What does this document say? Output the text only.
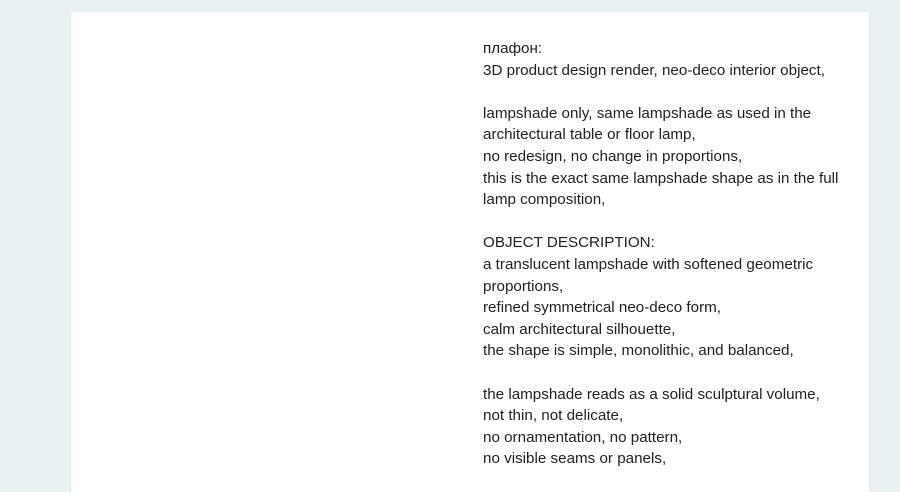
плафон:
3D product design render, neo-deco interior object,
lampshade only, same lampshade as used in the
architectural table or floor lamp,
no redesign, no change in proportions,
this is the exact same lampshade shape as in the full
lamp composition,
OBJECT DESCRIPTION:
a translucent lampshade with softened geometric
proportions,
refined symmetrical neo-deco form,
calm architectural silhouette,
the shape is simple, monolithic, and balanced,
the lampshade reads as a solid sculptural volume,
not thin, not delicate,
no ornamentation, no pattern,
no visible seams or panels,
